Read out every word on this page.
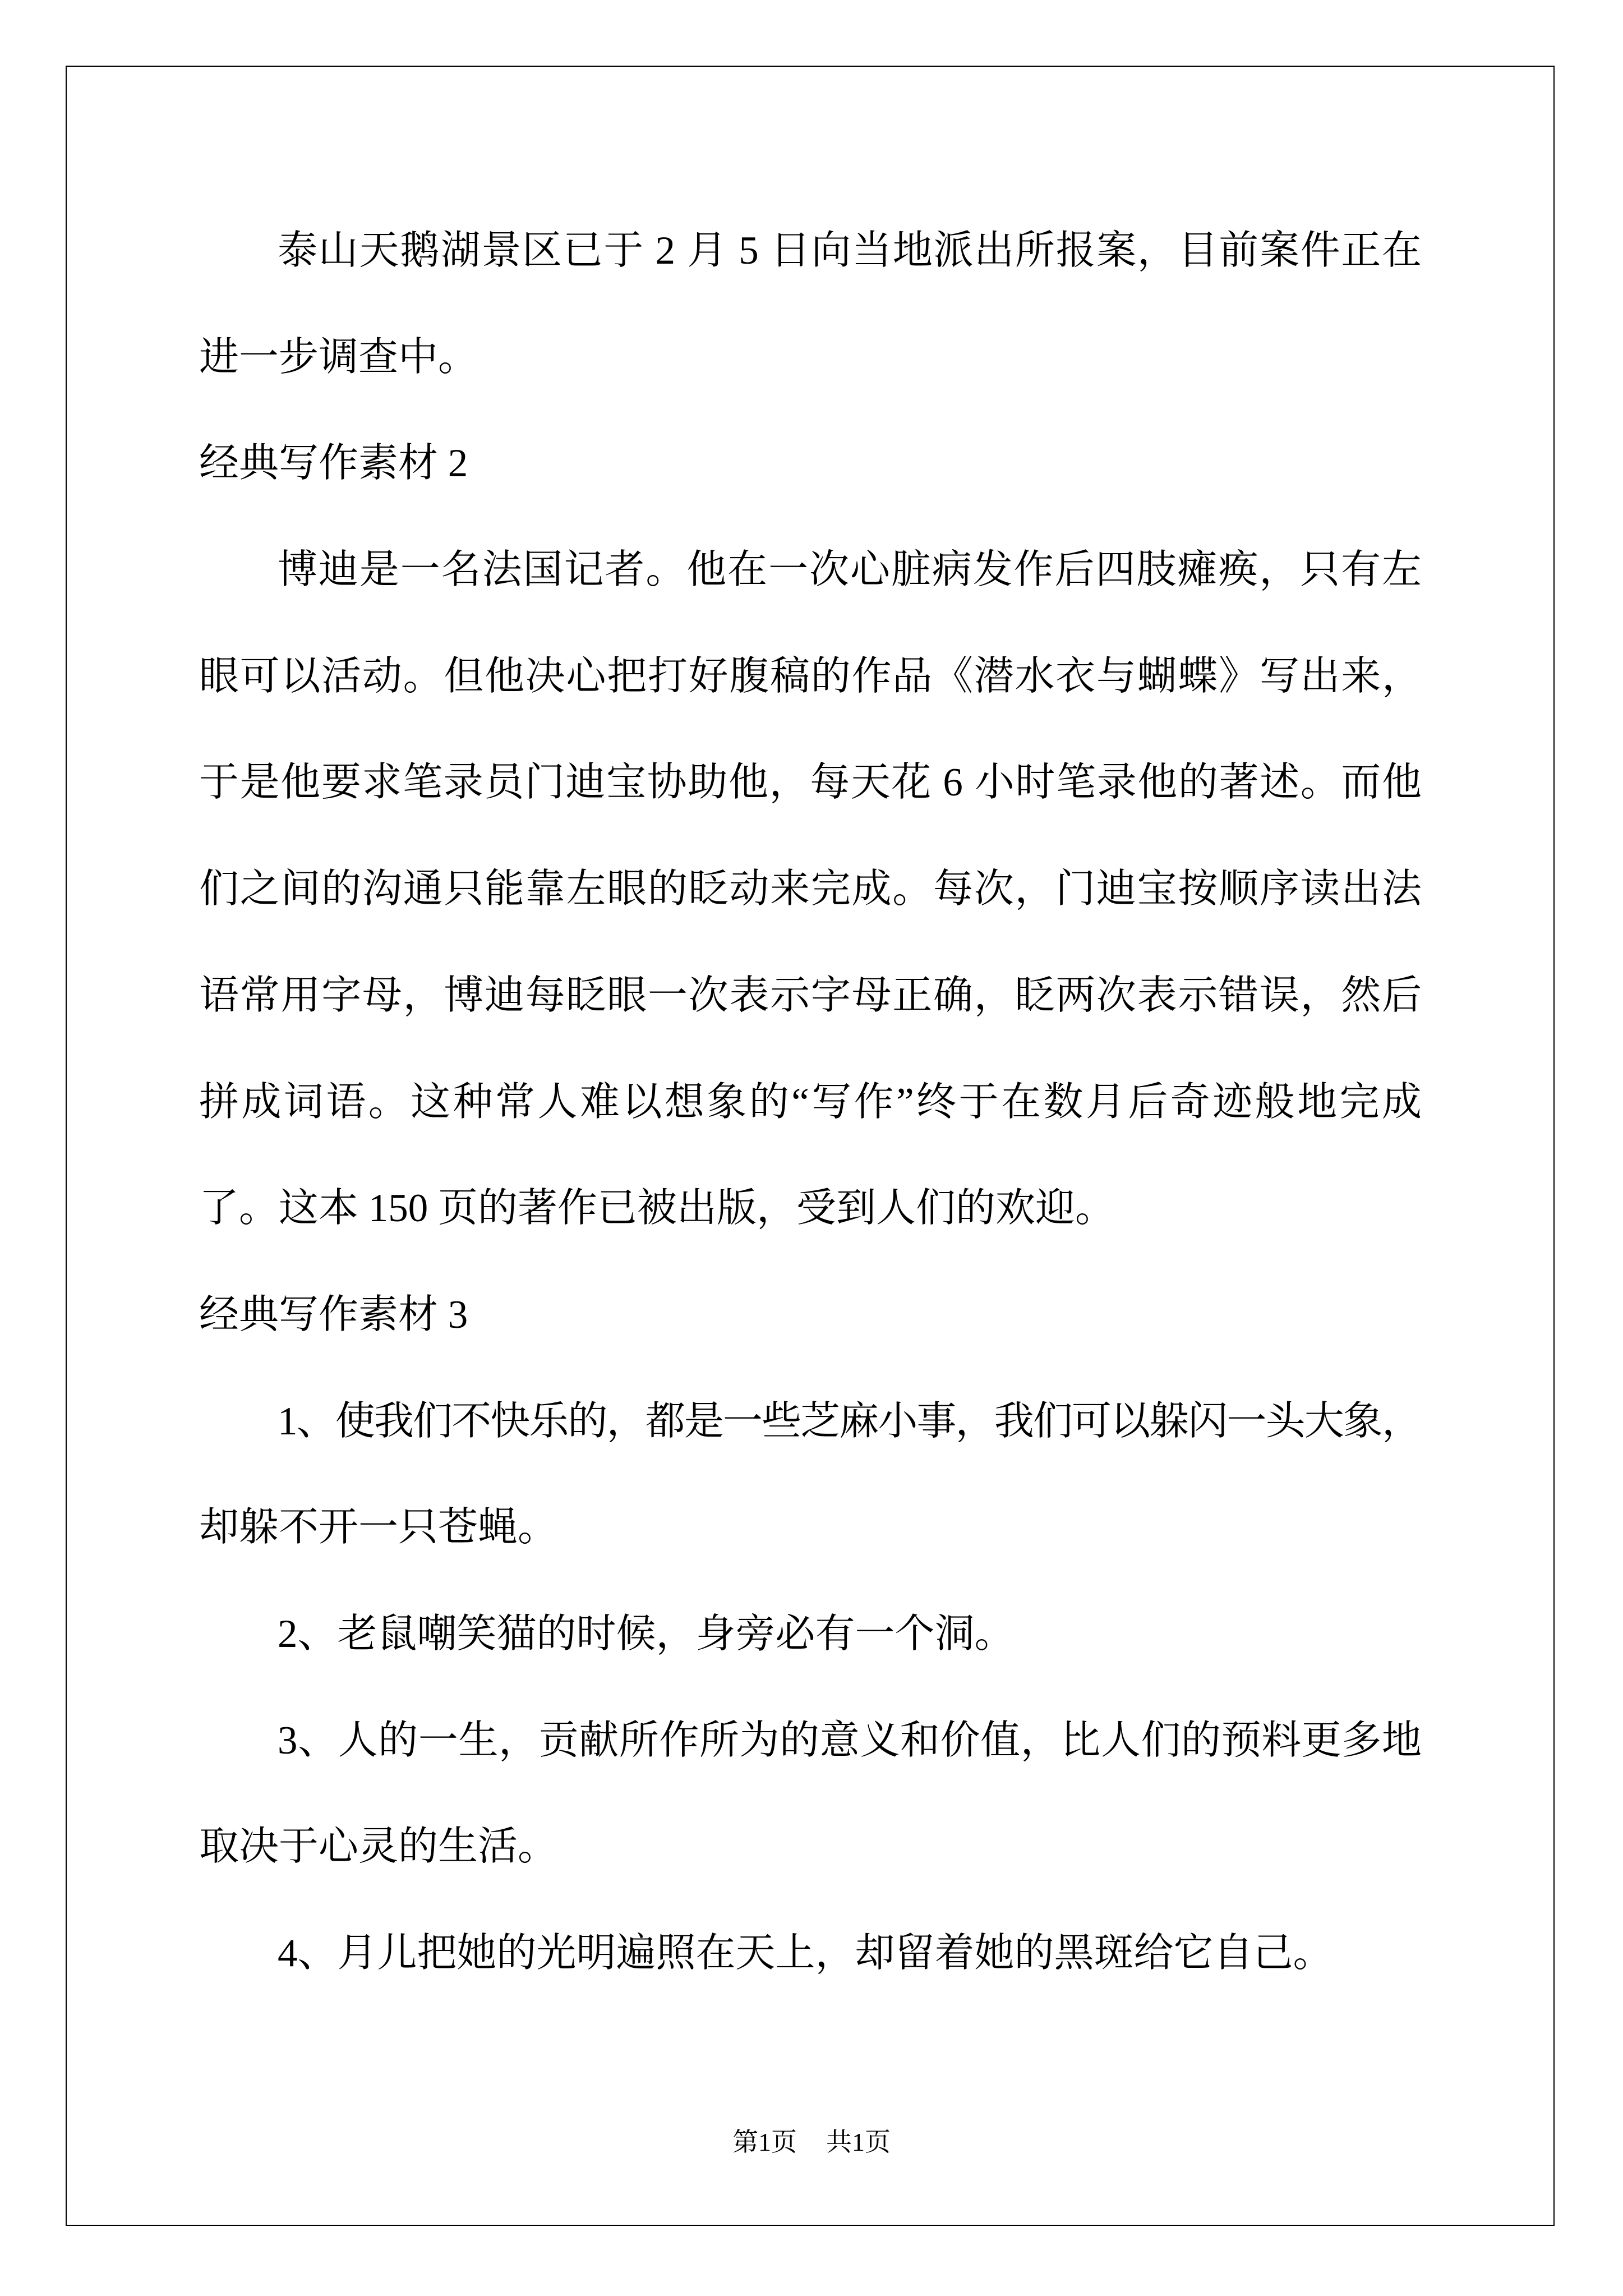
泰山天鹅湖景区已于 2 月 5 日向当地派出所报案，目前案件正在
进一步调查中。
经典写作素材 2
博迪是一名法国记者。他在一次心脏病发作后四肢瘫痪，只有左
眼可以活动。但他决心把打好腹稿的作品《潜水衣与蝴蝶》写出来，
于是他要求笔录员门迪宝协助他，每天花 6 小时笔录他的著述。而他
们之间的沟通只能靠左眼的眨动来完成。每次，门迪宝按顺序读出法
语常用字母，博迪每眨眼一次表示字母正确，眨两次表示错误，然后
拼成词语。这种常人难以想象的“写作”终于在数月后奇迹般地完成
了。这本 150 页的著作已被出版，受到人们的欢迎。
经典写作素材 3
1、使我们不快乐的，都是一些芝麻小事，我们可以躲闪一头大象，
却躲不开一只苍蝇。
2、老鼠嘲笑猫的时候，身旁必有一个洞。
3、人的一生，贡献所作所为的意义和价值，比人们的预料更多地
取决于心灵的生活。
4、月儿把她的光明遍照在天上，却留着她的黑斑给它自己。
第1页 共1页
